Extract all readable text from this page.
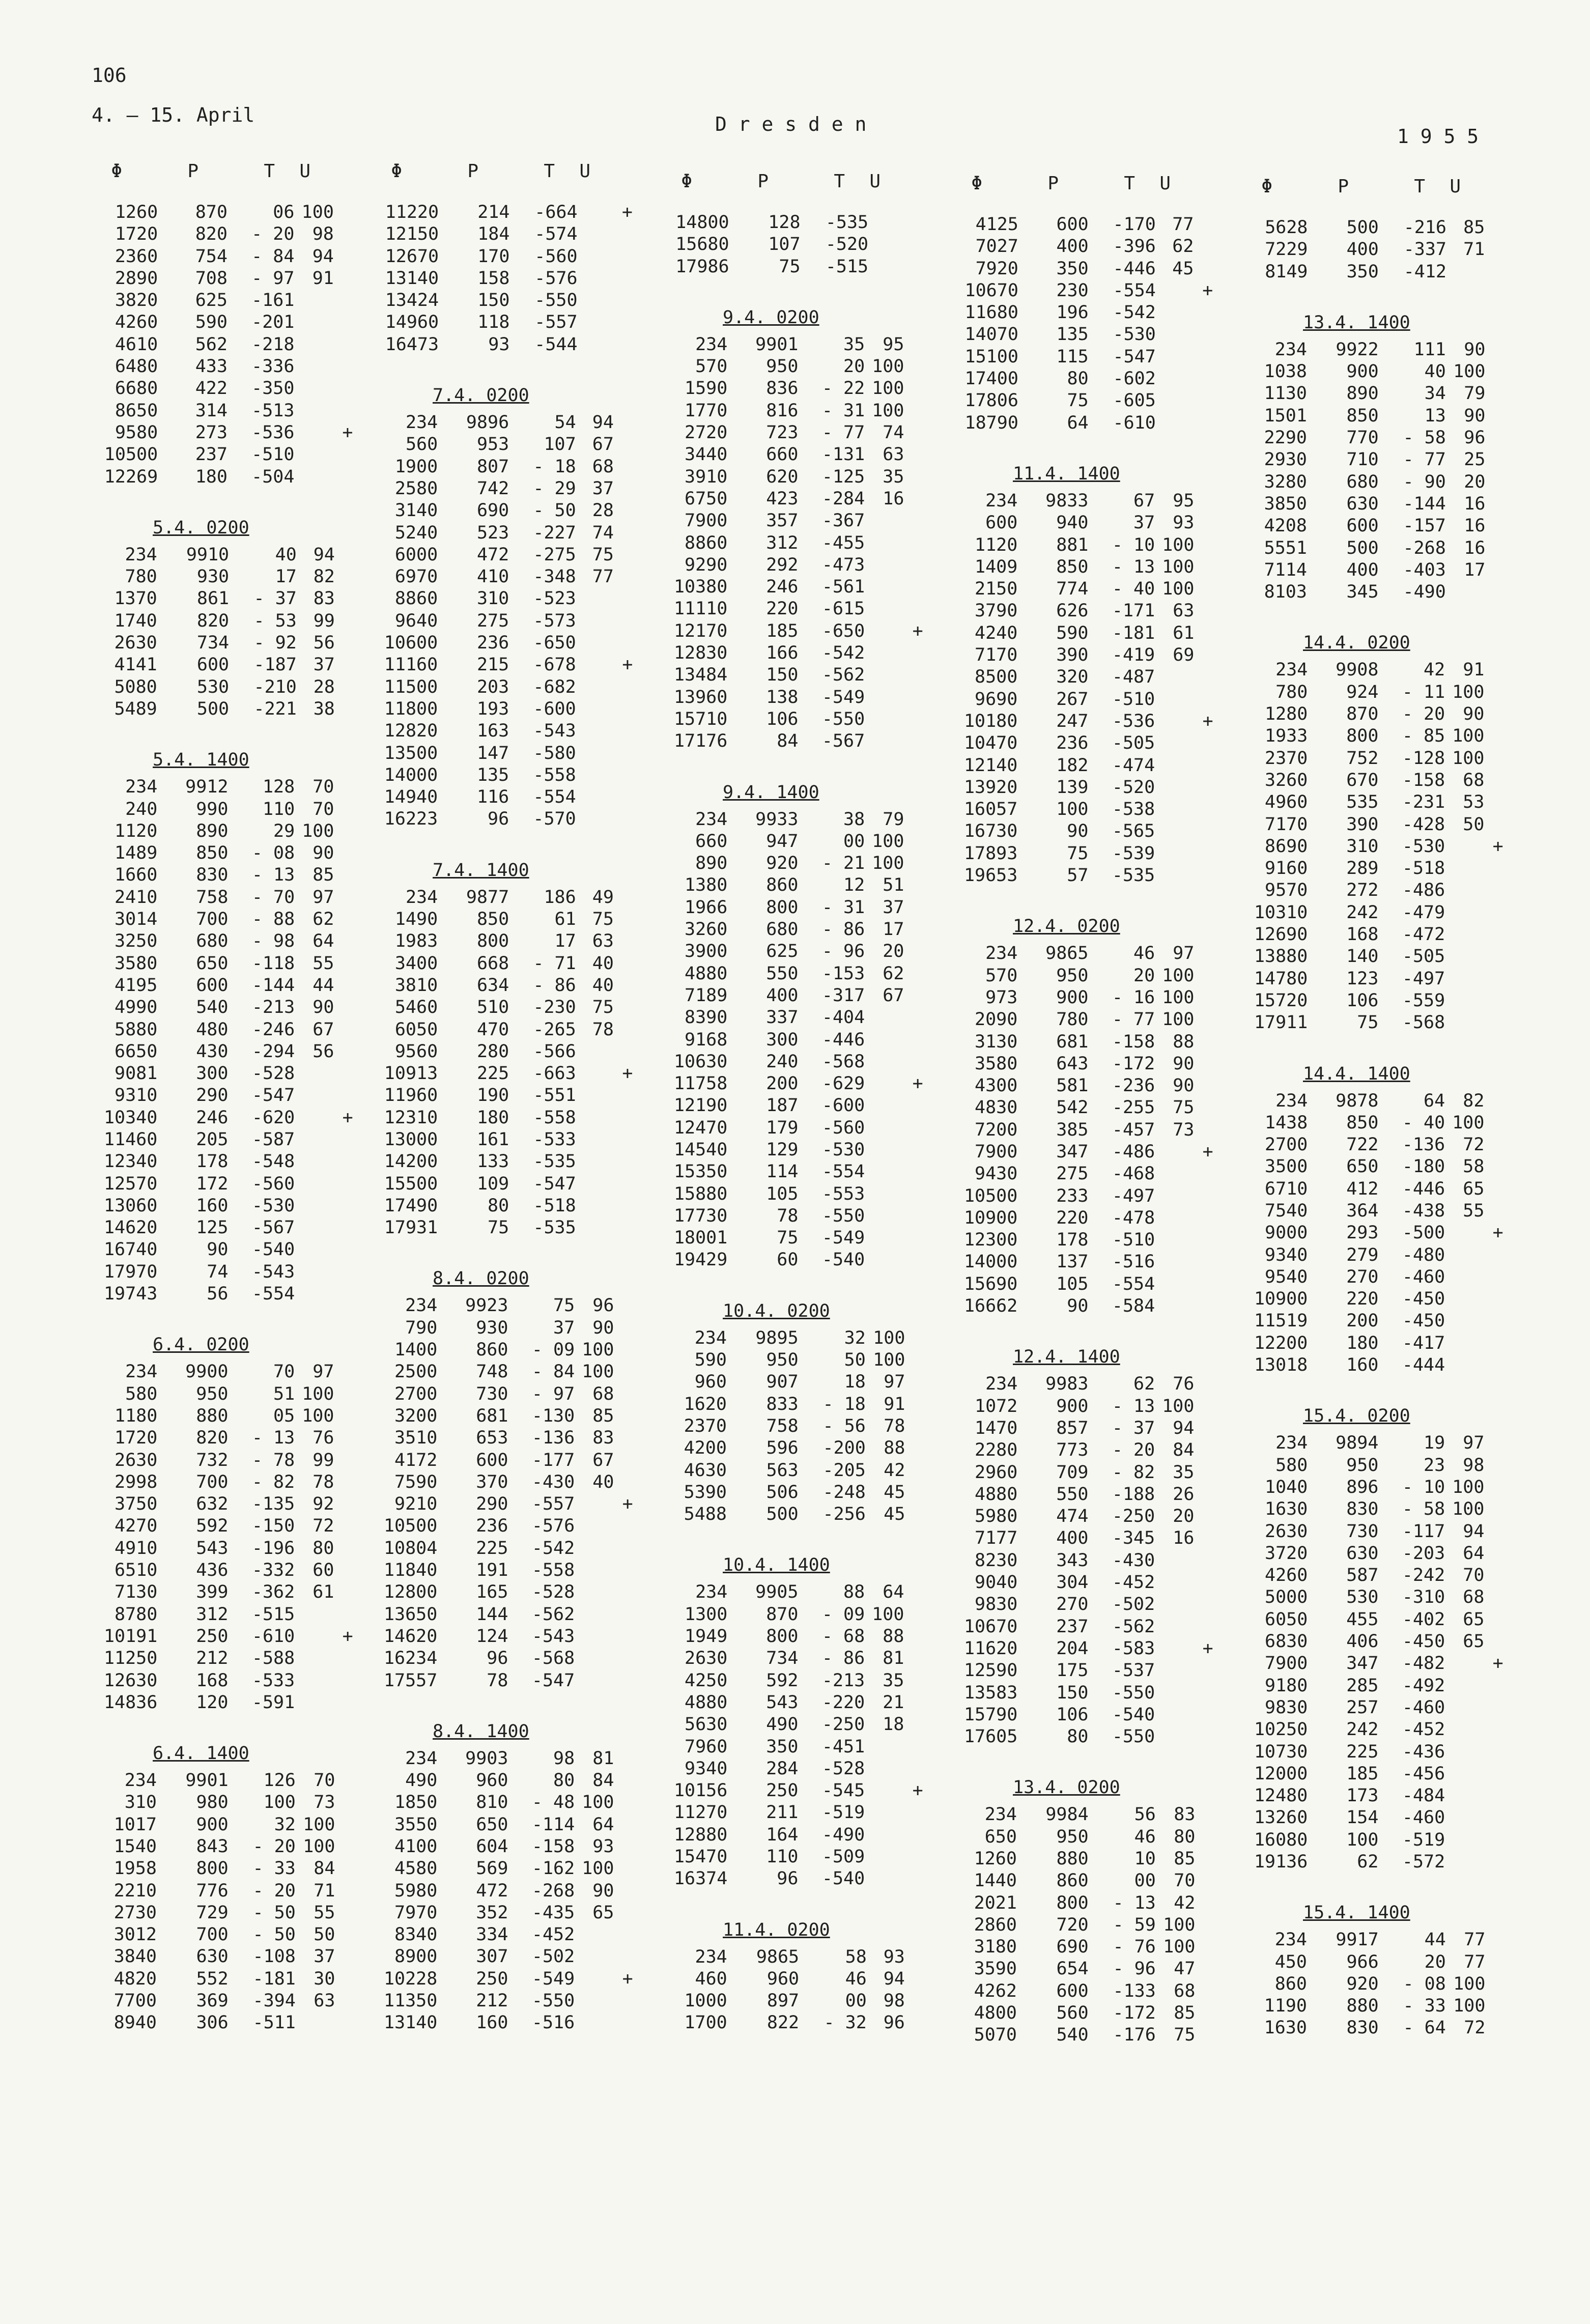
106
4. – 15. April	D r e s d e n
1 9 5 5
Φ	P	T U
1260	870	06	100	
1720	820	- 20	98	
2360	754	- 84	94	
2890	708	- 97	91	
3820	625	-161		
4260	590	-201		
4610	562	-218		
6480	433	-336		
6680	422	-350		
8650	314	-513		
9580	273	-536		+
10500	237	-510		
12269	180	-504		
5.4. 0200
234	9910	40	94	
780	930	17	82	
1370	861	- 37	83	
1740	820	- 53	99	
2630	734	- 92	56	
4141	600	-187	37	
5080	530	-210	28	
5489	500	-221	38	
5.4. 1400
234	9912	128	70	
240	990	110	70	
1120	890	29	100	
1489	850	- 08	90	
1660	830	- 13	85	
2410	758	- 70	97	
3014	700	- 88	62	
3250	680	- 98	64	
3580	650	-118	55	
4195	600	-144	44	
4990	540	-213	90	
5880	480	-246	67	
6650	430	-294	56	
9081	300	-528		
9310	290	-547		
10340	246	-620		+
11460	205	-587		
12340	178	-548		
12570	172	-560		
13060	160	-530		
14620	125	-567		
16740	90	-540		
17970	74	-543		
19743	56	-554		
6.4. 0200
234	9900	70	97	
580	950	51	100	
1180	880	05	100	
1720	820	- 13	76	
2630	732	- 78	99	
2998	700	- 82	78	
3750	632	-135	92	
4270	592	-150	72	
4910	543	-196	80	
6510	436	-332	60	
7130	399	-362	61	
8780	312	-515		
10191	250	-610		+
11250	212	-588		
12630	168	-533		
14836	120	-591		
6.4. 1400
234	9901	126	70	
310	980	100	73	
1017	900	32	100	
1540	843	- 20	100	
1958	800	- 33	84	
2210	776	- 20	71	
2730	729	- 50	55	
3012	700	- 50	50	
3840	630	-108	37	
4820	552	-181	30	
7700	369	-394	63	
8940	306	-511		
Φ	P	T U
11220	214	-664		+
12150	184	-574		
12670	170	-560		
13140	158	-576		
13424	150	-550		
14960	118	-557		
16473	93	-544		
7.4. 0200
234	9896	54	94	
560	953	107	67	
1900	807	- 18	68	
2580	742	- 29	37	
3140	690	- 50	28	
5240	523	-227	74	
6000	472	-275	75	
6970	410	-348	77	
8860	310	-523		
9640	275	-573		
10600	236	-650		
11160	215	-678		+
11500	203	-682		
11800	193	-600		
12820	163	-543		
13500	147	-580		
14000	135	-558		
14940	116	-554		
16223	96	-570		
7.4. 1400
234	9877	186	49	
1490	850	61	75	
1983	800	17	63	
3400	668	- 71	40	
3810	634	- 86	40	
5460	510	-230	75	
6050	470	-265	78	
9560	280	-566		
10913	225	-663		+
11960	190	-551		
12310	180	-558		
13000	161	-533		
14200	133	-535		
15500	109	-547		
17490	80	-518		
17931	75	-535		
8.4. 0200
234	9923	75	96	
790	930	37	90	
1400	860	- 09	100	
2500	748	- 84	100	
2700	730	- 97	68	
3200	681	-130	85	
3510	653	-136	83	
4172	600	-177	67	
7590	370	-430	40	
9210	290	-557		+
10500	236	-576		
10804	225	-542		
11840	191	-558		
12800	165	-528		
13650	144	-562		
14620	124	-543		
16234	96	-568		
17557	78	-547		
8.4. 1400
234	9903	98	81	
490	960	80	84	
1850	810	- 48	100	
3550	650	-114	64	
4100	604	-158	93	
4580	569	-162	100	
5980	472	-268	90	
7970	352	-435	65	
8340	334	-452		
8900	307	-502		
10228	250	-549		+
11350	212	-550		
13140	160	-516		
Φ	P	T U
14800	128	-535		
15680	107	-520		
17986	75	-515		
9.4. 0200
234	9901	35	95	
570	950	20	100	
1590	836	- 22	100	
1770	816	- 31	100	
2720	723	- 77	74	
3440	660	-131	63	
3910	620	-125	35	
6750	423	-284	16	
7900	357	-367		
8860	312	-455		
9290	292	-473		
10380	246	-561		
11110	220	-615		
12170	185	-650		+
12830	166	-542		
13484	150	-562		
13960	138	-549		
15710	106	-550		
17176	84	-567		
9.4. 1400
234	9933	38	79	
660	947	00	100	
890	920	- 21	100	
1380	860	12	51	
1966	800	- 31	37	
3260	680	- 86	17	
3900	625	- 96	20	
4880	550	-153	62	
7189	400	-317	67	
8390	337	-404		
9168	300	-446		
10630	240	-568		
11758	200	-629		+
12190	187	-600		
12470	179	-560		
14540	129	-530		
15350	114	-554		
15880	105	-553		
17730	78	-550		
18001	75	-549		
19429	60	-540		
10.4. 0200
234	9895	32	100	
590	950	50	100	
960	907	18	97	
1620	833	- 18	91	
2370	758	- 56	78	
4200	596	-200	88	
4630	563	-205	42	
5390	506	-248	45	
5488	500	-256	45	
10.4. 1400
234	9905	88	64	
1300	870	- 09	100	
1949	800	- 68	88	
2630	734	- 86	81	
4250	592	-213	35	
4880	543	-220	21	
5630	490	-250	18	
7960	350	-451		
9340	284	-528		
10156	250	-545		+
11270	211	-519		
12880	164	-490		
15470	110	-509		
16374	96	-540		
11.4. 0200
234	9865	58	93	
460	960	46	94	
1000	897	00	98	
1700	822	- 32	96	
Φ	P	T U
4125	600	-170	77	
7027	400	-396	62	
7920	350	-446	45	
10670	230	-554		+
11680	196	-542		
14070	135	-530		
15100	115	-547		
17400	80	-602		
17806	75	-605		
18790	64	-610		
11.4. 1400
234	9833	67	95	
600	940	37	93	
1120	881	- 10	100	
1409	850	- 13	100	
2150	774	- 40	100	
3790	626	-171	63	
4240	590	-181	61	
7170	390	-419	69	
8500	320	-487		
9690	267	-510		
10180	247	-536		+
10470	236	-505		
12140	182	-474		
13920	139	-520		
16057	100	-538		
16730	90	-565		
17893	75	-539		
19653	57	-535		
12.4. 0200
234	9865	46	97	
570	950	20	100	
973	900	- 16	100	
2090	780	- 77	100	
3130	681	-158	88	
3580	643	-172	90	
4300	581	-236	90	
4830	542	-255	75	
7200	385	-457	73	
7900	347	-486		+
9430	275	-468		
10500	233	-497		
10900	220	-478		
12300	178	-510		
14000	137	-516		
15690	105	-554		
16662	90	-584		
12.4. 1400
234	9983	62	76	
1072	900	- 13	100	
1470	857	- 37	94	
2280	773	- 20	84	
2960	709	- 82	35	
4880	550	-188	26	
5980	474	-250	20	
7177	400	-345	16	
8230	343	-430		
9040	304	-452		
9830	270	-502		
10670	237	-562		
11620	204	-583		+
12590	175	-537		
13583	150	-550		
15790	106	-540		
17605	80	-550		
13.4. 0200
234	9984	56	83	
650	950	46	80	
1260	880	10	85	
1440	860	00	70	
2021	800	- 13	42	
2860	720	- 59	100	
3180	690	- 76	100	
3590	654	- 96	47	
4262	600	-133	68	
4800	560	-172	85	
5070	540	-176	75	
Φ	P	T U
5628	500	-216	85	
7229	400	-337	71	
8149	350	-412		
13.4. 1400
234	9922	111	90	
1038	900	40	100	
1130	890	34	79	
1501	850	13	90	
2290	770	- 58	96	
2930	710	- 77	25	
3280	680	- 90	20	
3850	630	-144	16	
4208	600	-157	16	
5551	500	-268	16	
7114	400	-403	17	
8103	345	-490		
14.4. 0200
234	9908	42	91	
780	924	- 11	100	
1280	870	- 20	90	
1933	800	- 85	100	
2370	752	-128	100	
3260	670	-158	68	
4960	535	-231	53	
7170	390	-428	50	
8690	310	-530		+
9160	289	-518		
9570	272	-486		
10310	242	-479		
12690	168	-472		
13880	140	-505		
14780	123	-497		
15720	106	-559		
17911	75	-568		
14.4. 1400
234	9878	64	82	
1438	850	- 40	100	
2700	722	-136	72	
3500	650	-180	58	
6710	412	-446	65	
7540	364	-438	55	
9000	293	-500		+
9340	279	-480		
9540	270	-460		
10900	220	-450		
11519	200	-450		
12200	180	-417		
13018	160	-444		
15.4. 0200
234	9894	19	97	
580	950	23	98	
1040	896	- 10	100	
1630	830	- 58	100	
2630	730	-117	94	
3720	630	-203	64	
4260	587	-242	70	
5000	530	-310	68	
6050	455	-402	65	
6830	406	-450	65	
7900	347	-482		+
9180	285	-492		
9830	257	-460		
10250	242	-452		
10730	225	-436		
12000	185	-456		
12480	173	-484		
13260	154	-460		
16080	100	-519		
19136	62	-572		
15.4. 1400
234	9917	44	77	
450	966	20	77	
860	920	- 08	100	
1190	880	- 33	100	
1630	830	- 64	72	
